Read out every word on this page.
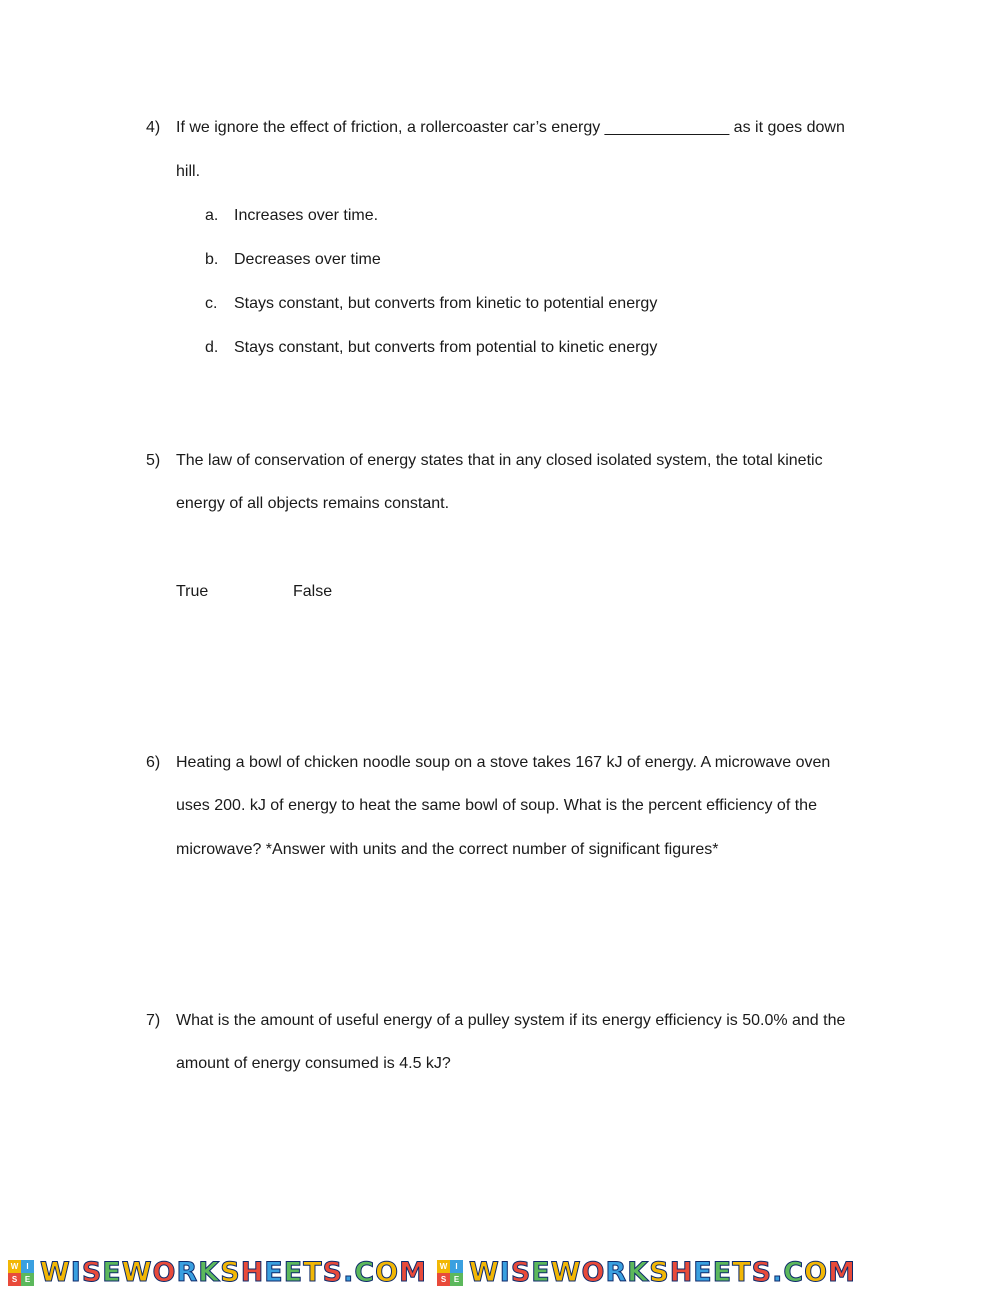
4) If we ignore the effect of friction, a rollercoaster car’s energy ______________ as it goes down
hill.
a. Increases over time.
b. Decreases over time
c. Stays constant, but converts from kinetic to potential energy
d. Stays constant, but converts from potential to kinetic energy
5) The law of conservation of energy states that in any closed isolated system, the total kinetic
energy of all objects remains constant.
True	False
6) Heating a bowl of chicken noodle soup on a stove takes 167 kJ of energy. A microwave oven
uses 200. kJ of energy to heat the same bowl of soup. What is the percent efficiency of the
microwave? *Answer with units and the correct number of significant figures*
7) What is the amount of useful energy of a pulley system if its energy efficiency is 50.0% and the
amount of energy consumed is 4.5 kJ?
W	I
S E WISEWORKSHEETS.COM	W	I
S E WISEWORKSHEETS.COM
